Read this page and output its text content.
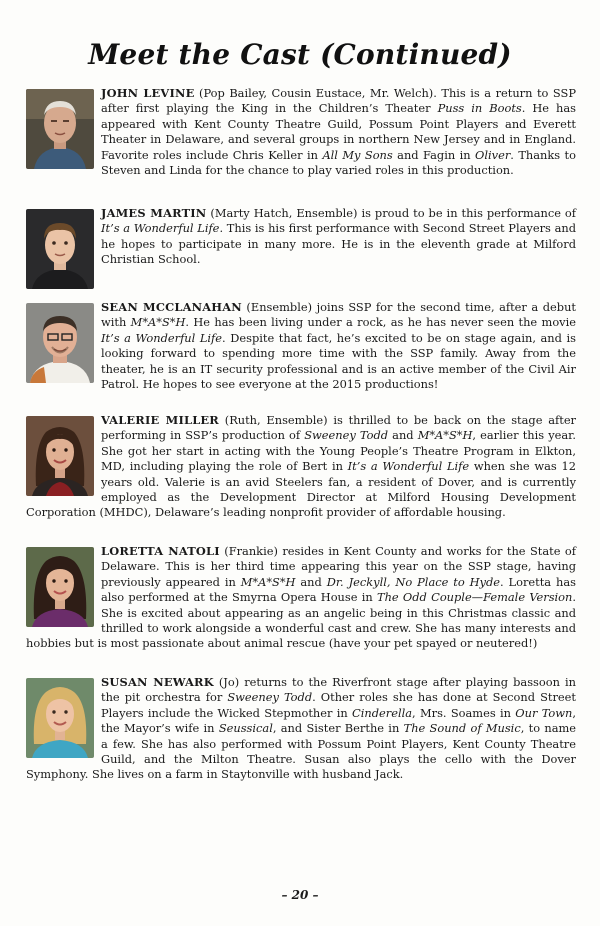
Meet the Cast (Continued)
JOHN LEVINE (Pop Bailey, Cousin Eustace, Mr. Welch). This is a return to SSP after first playing the King in the Children’s Theater Puss in Boots. He has appeared with Kent County Theatre Guild, Possum Point Players and Everett Theater in Delaware, and several groups in northern New Jersey and in England. Favorite roles include Chris Keller in All My Sons and Fagin in Oliver. Thanks to Steven and Linda for the chance to play varied roles in this production.
JAMES MARTIN (Marty Hatch, Ensemble) is proud to be in this performance of It’s a Wonderful Life. This is his first performance with Second Street Players and he hopes to participate in many more. He is in the eleventh grade at Milford Christian School.
SEAN MCCLANAHAN (Ensemble) joins SSP for the second time, after a debut with M*A*S*H. He has been living under a rock, as he has never seen the movie It’s a Wonderful Life. Despite that fact, he’s excited to be on stage again, and is looking forward to spending more time with the SSP family. Away from the theater, he is an IT security professional and is an active member of the Civil Air Patrol. He hopes to see everyone at the 2015 productions!
VALERIE MILLER (Ruth, Ensemble) is thrilled to be back on the stage after performing in SSP’s production of Sweeney Todd and M*A*S*H, earlier this year. She got her start in acting with the Young People’s Theatre Program in Elkton, MD, including playing the role of Bert in It’s a Wonderful Life when she was 12 years old. Valerie is an avid Steelers fan, a resident of Dover, and is currently employed as the Development Director at Milford Housing Development Corporation (MHDC), Delaware’s leading nonprofit provider of affordable housing.
LORETTA NATOLI (Frankie) resides in Kent County and works for the State of Delaware. This is her third time appearing this year on the SSP stage, having previously appeared in M*A*S*H and Dr. Jeckyll, No Place to Hyde. Loretta has also performed at the Smyrna Opera House in The Odd Couple—Female Version. She is excited about appearing as an angelic being in this Christmas classic and thrilled to work alongside a wonderful cast and crew. She has many interests and hobbies but is most passionate about animal rescue (have your pet spayed or neutered!)
SUSAN NEWARK (Jo) returns to the Riverfront stage after playing bassoon in the pit orchestra for Sweeney Todd. Other roles she has done at Second Street Players include the Wicked Stepmother in Cinderella, Mrs. Soames in Our Town, the Mayor’s wife in Seussical, and Sister Berthe in The Sound of Music, to name a few. She has also performed with Possum Point Players, Kent County Theatre Guild, and the Milton Theatre. Susan also plays the cello with the Dover Symphony. She lives on a farm in Staytonville with husband Jack.
– 20 –
